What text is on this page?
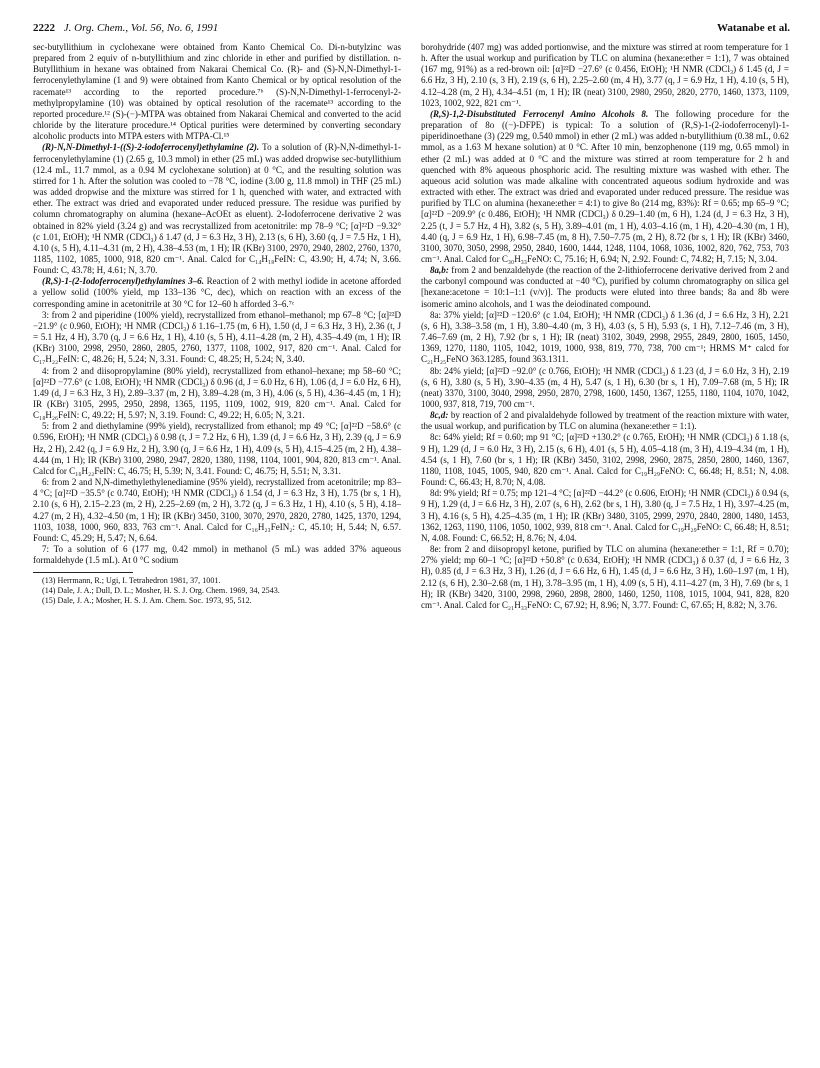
2222 J. Org. Chem., Vol. 56, No. 6, 1991	Watanabe et al.

sec-butyllithium in cyclohexane were obtained from Kanto Chemical Co. Di-n-butylzinc was prepared from 2 equiv of n-butyllithium and zinc chloride in ether and purified by distillation. n-Butyllithium in hexane was obtained from Nakarai Chemical Co. (R)- and (S)-N,N-Dimethyl-1-ferrocenylethylamine (1 and 9) were obtained from Kanto Chemical or by optical resolution of the racemate¹³ according to the reported procedure.⁷ᵇ (S)-N,N-Dimethyl-1-ferrocenyl-2-methylpropylamine (10) was obtained by optical resolution of the racemate¹³ according to the reported procedure.¹² (S)-(−)-MTPA was obtained from Nakarai Chemical and converted to the acid chloride by the literature procedure.¹⁴ Optical purities were determined by converting secondary alcoholic products into MTPA esters with MTPA-Cl.¹⁵

(R)-N,N-Dimethyl-1-((S)-2-iodoferrocenyl)ethylamine (2). To a solution of (R)-N,N-dimethyl-1-ferrocenylethylamine (1) (2.65 g, 10.3 mmol) in ether (25 mL) was added dropwise sec-butyllithium (12.4 mL, 11.7 mmol, as a 0.94 M cyclohexane solution) at 0 °C, and the resulting solution was stirred for 1 h. After the solution was cooled to −78 °C, iodine (3.00 g, 11.8 mmol) in THF (25 mL) was added dropwise and the mixture was stirred for 1 h, quenched with water, and extracted with ether. The extract was dried and evaporated under reduced pressure. The residue was purified by column chromatography on alumina (hexane–AcOEt as eluent). 2-Iodoferrocene derivative 2 was obtained in 82% yield (3.24 g) and was recrystallized from acetonitrile: mp 78–9 °C; [α]²²D −9.32° (c 1.01, EtOH); ¹H NMR (CDCl₃) δ 1.47 (d, J = 6.3 Hz, 3 H), 2.13 (s, 6 H), 3.60 (q, J = 7.5 Hz, 1 H), 4.10 (s, 5 H), 4.11–4.31 (m, 2 H), 4.38–4.53 (m, 1 H); IR (KBr) 3100, 2970, 2940, 2802, 2760, 1370, 1185, 1102, 1085, 1000, 918, 820 cm⁻¹. Anal. Calcd for C₁₄H₁₈FeIN: C, 43.90; H, 4.74; N, 3.66. Found: C, 43.78; H, 4.61; N, 3.70.

(R,S)-1-(2-Iodoferrocenyl)ethylamines 3–6. Reaction of 2 with methyl iodide in acetone afforded a yellow solid (100% yield, mp 133–136 °C, dec), which on reaction with an excess of the corresponding amine in acetonitrile at 30 °C for 12–60 h afforded 3–6.⁷ᶜ

3: from 2 and piperidine (100% yield), recrystallized from ethanol–methanol; mp 67–8 °C; [α]²²D −21.9° (c 0.960, EtOH); ¹H NMR (CDCl₃) δ 1.16–1.75 (m, 6 H), 1.50 (d, J = 6.3 Hz, 3 H), 2.36 (t, J = 5.1 Hz, 4 H), 3.70 (q, J = 6.6 Hz, 1 H), 4.10 (s, 5 H), 4.11–4.28 (m, 2 H), 4.35–4.49 (m, 1 H); IR (KBr) 3100, 2998, 2950, 2860, 2805, 2760, 1377, 1108, 1002, 917, 820 cm⁻¹. Anal. Calcd for C₁₇H₂₂FeIN: C, 48.26; H, 5.24; N, 3.31. Found: C, 48.25; H, 5.24; N, 3.40.

4: from 2 and diisopropylamine (80% yield), recrystallized from ethanol–hexane; mp 58–60 °C; [α]²²D −77.6° (c 1.08, EtOH); ¹H NMR (CDCl₃) δ 0.96 (d, J = 6.0 Hz, 6 H), 1.06 (d, J = 6.0 Hz, 6 H), 1.49 (d, J = 6.3 Hz, 3 H), 2.89–3.37 (m, 2 H), 3.89–4.28 (m, 3 H), 4.06 (s, 5 H), 4.36–4.45 (m, 1 H); IR (KBr) 3105, 2995, 2950, 2898, 1365, 1195, 1109, 1002, 919, 820 cm⁻¹. Anal. Calcd for C₁₈H₂₆FeIN: C, 49.22; H, 5.97; N, 3.19. Found: C, 49.22; H, 6.05; N, 3.21.

5: from 2 and diethylamine (99% yield), recrystallized from ethanol; mp 49 °C; [α]²²D −58.6° (c 0.596, EtOH); ¹H NMR (CDCl₃) δ 0.98 (t, J = 7.2 Hz, 6 H), 1.39 (d, J = 6.6 Hz, 3 H), 2.39 (q, J = 6.9 Hz, 2 H), 2.42 (q, J = 6.9 Hz, 2 H), 3.90 (q, J = 6.6 Hz, 1 H), 4.09 (s, 5 H), 4.15–4.25 (m, 2 H), 4.38–4.44 (m, 1 H); IR (KBr) 3100, 2980, 2947, 2820, 1380, 1198, 1104, 1001, 904, 820, 813 cm⁻¹. Anal. Calcd for C₁₆H₂₂FeIN: C, 46.75; H, 5.39; N, 3.41. Found: C, 46.75; H, 5.51; N, 3.31.

6: from 2 and N,N-dimethylethylenediamine (95% yield), recrystallized from acetonitrile; mp 83–4 °C; [α]²²D −35.5° (c 0.740, EtOH); ¹H NMR (CDCl₃) δ 1.54 (d, J = 6.3 Hz, 3 H), 1.75 (br s, 1 H), 2.10 (s, 6 H), 2.15–2.23 (m, 2 H), 2.25–2.69 (m, 2 H), 3.72 (q, J = 6.3 Hz, 1 H), 4.10 (s, 5 H), 4.18–4.27 (m, 2 H), 4.32–4.50 (m, 1 H); IR (KBr) 3450, 3100, 3070, 2970, 2820, 2780, 1425, 1370, 1294, 1103, 1038, 1000, 960, 833, 763 cm⁻¹. Anal. Calcd for C₁₆H₂₃FeIN₂: C, 45.10; H, 5.44; N, 6.57. Found: C, 45.29; H, 5.47; N, 6.64.

7: To a solution of 6 (177 mg, 0.42 mmol) in methanol (5 mL) was added 37% aqueous formaldehyde (1.5 mL). At 0 °C sodium

(13) Herrmann, R.; Ugi, I. Tetrahedron 1981, 37, 1001.

(14) Dale, J. A.; Dull, D. L.; Mosher, H. S. J. Org. Chem. 1969, 34, 2543.

(15) Dale, J. A.; Mosher, H. S. J. Am. Chem. Soc. 1973, 95, 512.

borohydride (407 mg) was added portionwise, and the mixture was stirred at room temperature for 1 h. After the usual workup and purification by TLC on alumina (hexane:ether = 1:1), 7 was obtained (167 mg, 91%) as a red-brown oil: [α]²²D −27.6° (c 0.456, EtOH); ¹H NMR (CDCl₃) δ 1.45 (d, J = 6.6 Hz, 3 H), 2.10 (s, 3 H), 2.19 (s, 6 H), 2.25–2.60 (m, 4 H), 3.77 (q, J = 6.9 Hz, 1 H), 4.10 (s, 5 H), 4.12–4.28 (m, 2 H), 4.34–4.51 (m, 1 H); IR (neat) 3100, 2980, 2950, 2820, 2770, 1460, 1373, 1109, 1023, 1002, 922, 821 cm⁻¹.

(R,S)-1,2-Disubstituted Ferrocenyl Amino Alcohols 8. The following procedure for the preparation of 8o ((−)-DFPE) is typical: To a solution of (R,S)-1-(2-iodoferrocenyl)-1-piperidinoethane (3) (229 mg, 0.540 mmol) in ether (2 mL) was added n-butyllithium (0.38 mL, 0.62 mmol, as a 1.63 M hexane solution) at 0 °C. After 10 min, benzophenone (119 mg, 0.65 mmol) in ether (2 mL) was added at 0 °C and the mixture was stirred at room temperature for 2 h and quenched with 8% aqueous phosphoric acid. The resulting mixture was washed with ether. The aqueous acid solution was made alkaline with concentrated aqueous sodium hydroxide and was extracted with ether. The extract was dried and evaporated under reduced pressure. The residue was purified by TLC on alumina (hexane:ether = 4:1) to give 8o (214 mg, 83%): Rf = 0.65; mp 65–9 °C; [α]²²D −209.9° (c 0.486, EtOH); ¹H NMR (CDCl₃) δ 0.29–1.40 (m, 6 H), 1.24 (d, J = 6.3 Hz, 3 H), 2.25 (t, J = 5.7 Hz, 4 H), 3.82 (s, 5 H), 3.89–4.01 (m, 1 H), 4.03–4.16 (m, 1 H), 4.20–4.30 (m, 1 H), 4.40 (q, J = 6.9 Hz, 1 H), 6.98–7.45 (m, 8 H), 7.50–7.75 (m, 2 H), 8.72 (br s, 1 H); IR (KBr) 3460, 3100, 3070, 3050, 2998, 2950, 2840, 1600, 1444, 1248, 1104, 1068, 1036, 1002, 820, 762, 753, 703 cm⁻¹. Anal. Calcd for C₃₀H₃₃FeNO: C, 75.16; H, 6.94; N, 2.92. Found: C, 74.82; H, 7.15; N, 3.04.

8a,b: from 2 and benzaldehyde (the reaction of the 2-lithioferrocene derivative derived from 2 and the carbonyl compound was conducted at −40 °C), purified by column chromatography on silica gel [hexane:acetone = 10:1–1:1 (v/v)]. The products were eluted into three bands; 8a and 8b were isomeric amino alcohols, and 1 was the deiodinated compound.

8a: 37% yield; [α]²²D −120.6° (c 1.04, EtOH); ¹H NMR (CDCl₃) δ 1.36 (d, J = 6.6 Hz, 3 H), 2.21 (s, 6 H), 3.38–3.58 (m, 1 H), 3.80–4.40 (m, 3 H), 4.03 (s, 5 H), 5.93 (s, 1 H), 7.12–7.46 (m, 3 H), 7.46–7.69 (m, 2 H), 7.92 (br s, 1 H); IR (neat) 3102, 3049, 2998, 2955, 2849, 2800, 1605, 1450, 1369, 1270, 1180, 1105, 1042, 1019, 1000, 938, 819, 770, 738, 700 cm⁻¹; HRMS M⁺ calcd for C₂₁H₂₅FeNO 363.1285, found 363.1311.

8b: 24% yield; [α]²²D −92.0° (c 0.766, EtOH); ¹H NMR (CDCl₃) δ 1.23 (d, J = 6.0 Hz, 3 H), 2.19 (s, 6 H), 3.80 (s, 5 H), 3.90–4.35 (m, 4 H), 5.47 (s, 1 H), 6.30 (br s, 1 H), 7.09–7.68 (m, 5 H); IR (neat) 3370, 3100, 3040, 2998, 2950, 2870, 2798, 1600, 1450, 1367, 1255, 1180, 1104, 1070, 1042, 1000, 937, 818, 719, 700 cm⁻¹.

8c,d: by reaction of 2 and pivalaldehyde followed by treatment of the reaction mixture with water, the usual workup, and purification by TLC on alumina (hexane:ether = 1:1).

8c: 64% yield; Rf = 0.60; mp 91 °C; [α]²²D +130.2° (c 0.765, EtOH); ¹H NMR (CDCl₃) δ 1.18 (s, 9 H), 1.29 (d, J = 6.0 Hz, 3 H), 2.15 (s, 6 H), 4.01 (s, 5 H), 4.05–4.18 (m, 3 H), 4.19–4.34 (m, 1 H), 4.54 (s, 1 H), 7.60 (br s, 1 H); IR (KBr) 3450, 3102, 2998, 2960, 2875, 2850, 2800, 1460, 1367, 1180, 1108, 1045, 1005, 940, 820 cm⁻¹. Anal. Calcd for C₁₉H₂₉FeNO: C, 66.48; H, 8.51; N, 4.08. Found: C, 66.43; H, 8.70; N, 4.08.

8d: 9% yield; Rf = 0.75; mp 121–4 °C; [α]²²D −44.2° (c 0.606, EtOH); ¹H NMR (CDCl₃) δ 0.94 (s, 9 H), 1.29 (d, J = 6.6 Hz, 3 H), 2.07 (s, 6 H), 2.62 (br s, 1 H), 3.80 (q, J = 7.5 Hz, 1 H), 3.97–4.25 (m, 3 H), 4.16 (s, 5 H), 4.25–4.35 (m, 1 H); IR (KBr) 3480, 3105, 2999, 2970, 2840, 2800, 1480, 1453, 1362, 1263, 1190, 1106, 1050, 1002, 939, 818 cm⁻¹. Anal. Calcd for C₁₉H₂₉FeNO: C, 66.48; H, 8.51; N, 4.08. Found: C, 66.52; H, 8.76; N, 4.04.

8e: from 2 and diisopropyl ketone, purified by TLC on alumina (hexane:ether = 1:1, Rf = 0.70); 27% yield; mp 60–1 °C; [α]²²D +50.8° (c 0.634, EtOH); ¹H NMR (CDCl₃) δ 0.37 (d, J = 6.6 Hz, 3 H), 0.85 (d, J = 6.3 Hz, 3 H), 1.26 (d, J = 6.6 Hz, 6 H), 1.45 (d, J = 6.6 Hz, 3 H), 1.60–1.97 (m, 1 H), 2.12 (s, 6 H), 2.30–2.68 (m, 1 H), 3.78–3.95 (m, 1 H), 4.09 (s, 5 H), 4.11–4.27 (m, 3 H), 7.69 (br s, 1 H); IR (KBr) 3420, 3100, 2998, 2960, 2898, 2800, 1460, 1250, 1108, 1015, 1004, 941, 828, 820 cm⁻¹. Anal. Calcd for C₂₁H₃₃FeNO: C, 67.92; H, 8.96; N, 3.77. Found: C, 67.65; H, 8.82; N, 3.76.
